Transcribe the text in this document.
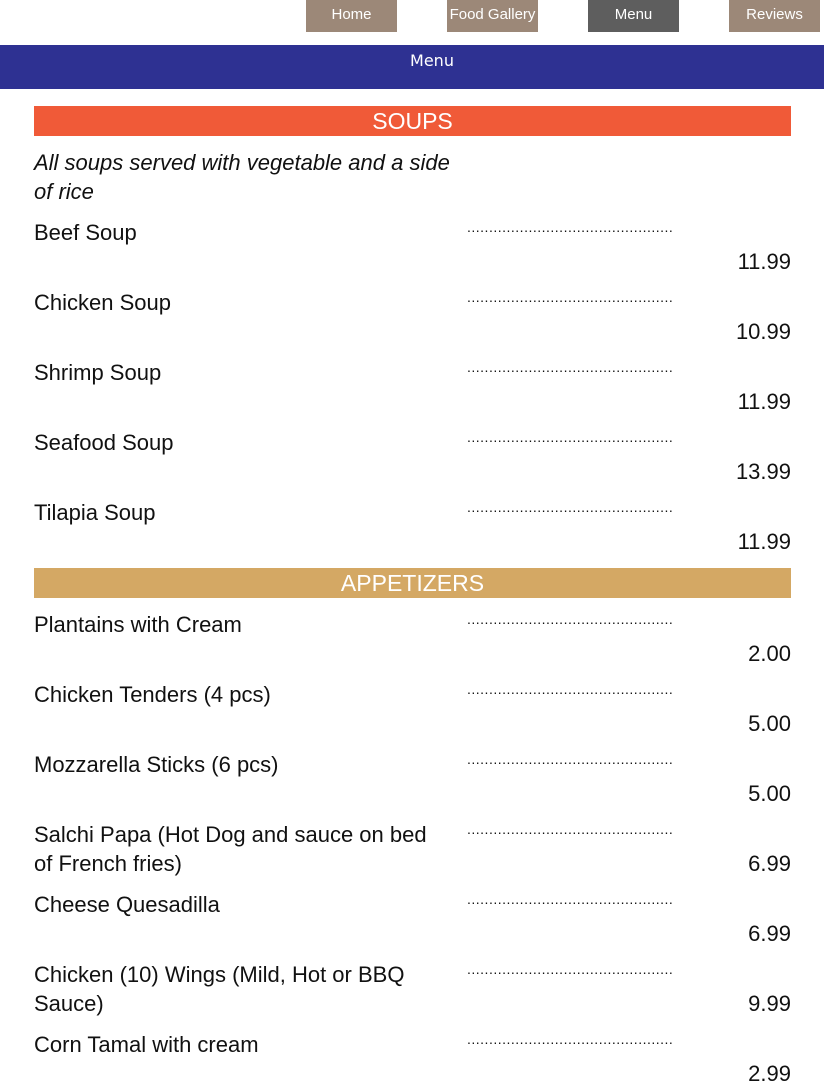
Home	Food Gallery	Menu	Reviews
Menu
SOUPS
All soups served with vegetable and a side of rice
Beef Soup	...............................................
11.99
Chicken Soup	...............................................
10.99
Shrimp Soup	...............................................
11.99
Seafood Soup	...............................................
13.99
Tilapia Soup	...............................................
11.99
APPETIZERS
Plantains with Cream	...............................................
2.00
Chicken Tenders (4 pcs)	...............................................
5.00
Mozzarella Sticks (6 pcs)	...............................................
5.00
Salchi Papa (Hot Dog and sauce on bed of French fries)
...............................................
6.99
Cheese Quesadilla	...............................................
6.99
Chicken (10) Wings (Mild, Hot or BBQ Sauce)
...............................................
9.99
Corn Tamal with cream	...............................................
2.99
